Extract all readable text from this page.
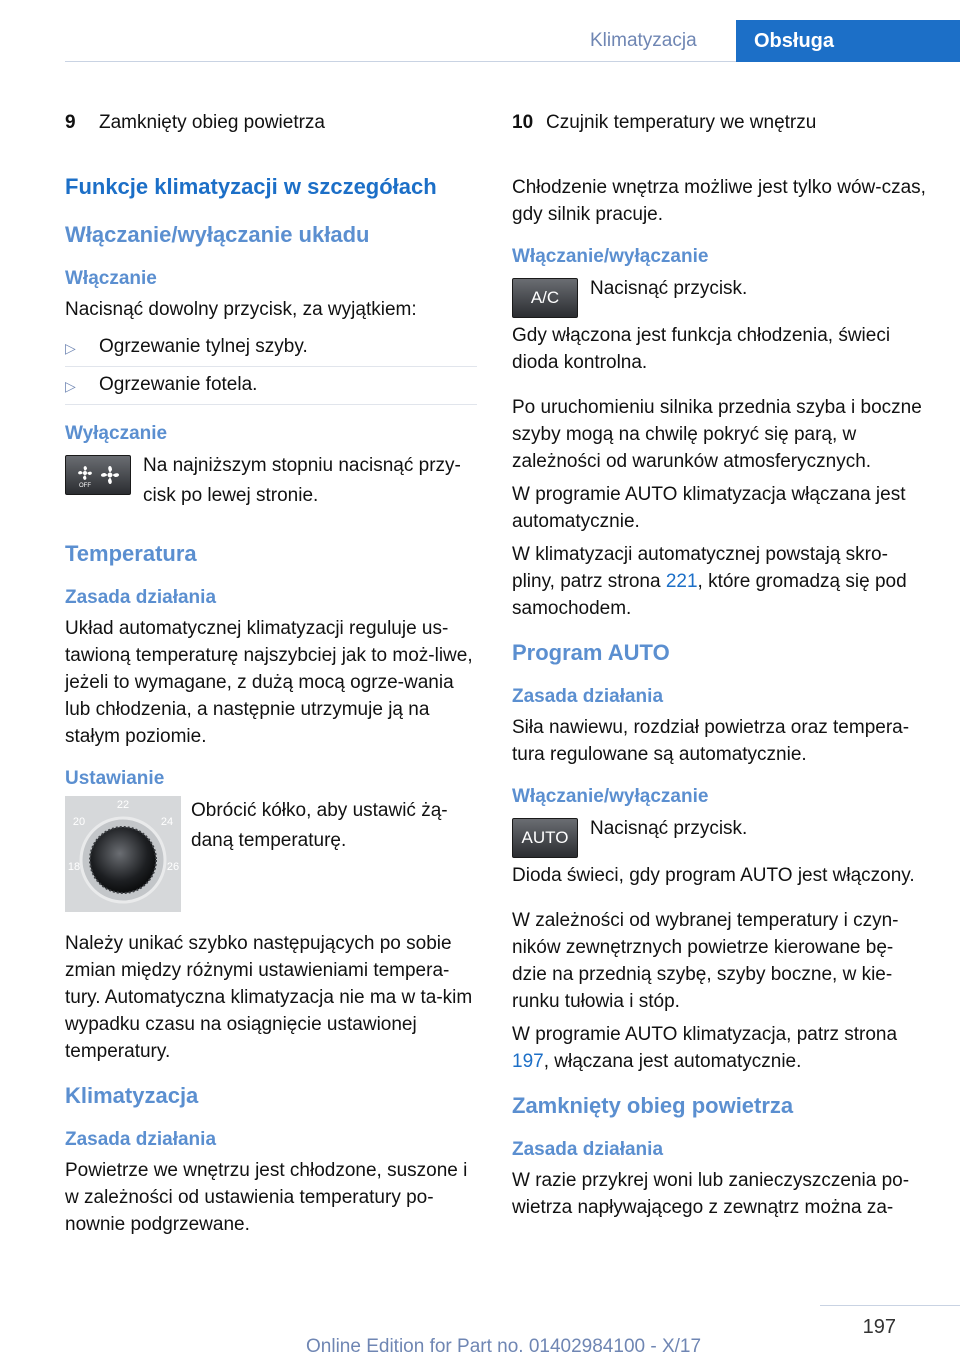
Klimatyzacja	Obsługa
9	Zamknięty obieg powietrza
Funkcje klimatyzacji w szczegółach
Włączanie/wyłączanie układu
Włączanie
Nacisnąć dowolny przycisk, za wyjątkiem:
▷	Ogrzewanie tylnej szyby.
▷	Ogrzewanie fotela.
Wyłączanie
OFF
Na najniższym stopniu nacisnąć przy-cisk po lewej stronie.
Temperatura
Zasada działania
Układ automatycznej klimatyzacji reguluje us-tawioną temperaturę najszybciej jak to moż-liwe, jeżeli to wymagane, z dużą mocą ogrze-wania lub chłodzenia, a następnie utrzymuje ją na stałym poziomie.
Ustawianie
22
20	24
18	26
Obrócić kółko, aby ustawić żą-daną temperaturę.
Należy unikać szybko następujących po sobie zmian między różnymi ustawieniami tempera-tury. Automatyczna klimatyzacja nie ma w ta-kim wypadku czasu na osiągnięcie ustawionej temperatury.
Klimatyzacja
Zasada działania
Powietrze we wnętrzu jest chłodzone, suszone i w zależności od ustawienia temperatury po-nownie podgrzewane.
10 Czujnik temperatury we wnętrzu
Chłodzenie wnętrza możliwe jest tylko wów-czas, gdy silnik pracuje.
Włączanie/wyłączanie
A/C	Nacisnąć przycisk.
Gdy włączona jest funkcja chłodzenia, świeci dioda kontrolna.
Po uruchomieniu silnika przednia szyba i boczne szyby mogą na chwilę pokryć się parą, w zależności od warunków atmosferycznych.
W programie AUTO klimatyzacja włączana jest automatycznie.
W klimatyzacji automatycznej powstają skro-pliny, patrz strona 221, które gromadzą się pod samochodem.
Program AUTO
Zasada działania
Siła nawiewu, rozdział powietrza oraz tempera-tura regulowane są automatycznie.
Włączanie/wyłączanie
AUTO	Nacisnąć przycisk.
Dioda świeci, gdy program AUTO jest włączony.
W zależności od wybranej temperatury i czyn-ników zewnętrznych powietrze kierowane bę-dzie na przednią szybę, szyby boczne, w kie-runku tułowia i stóp.
W programie AUTO klimatyzacja, patrz strona 197, włączana jest automatycznie.
Zamknięty obieg powietrza
Zasada działania
W razie przykrej woni lub zanieczyszczenia po-wietrza napływającego z zewnątrz można za-
197
Online Edition for Part no. 01402984100 - X/17
